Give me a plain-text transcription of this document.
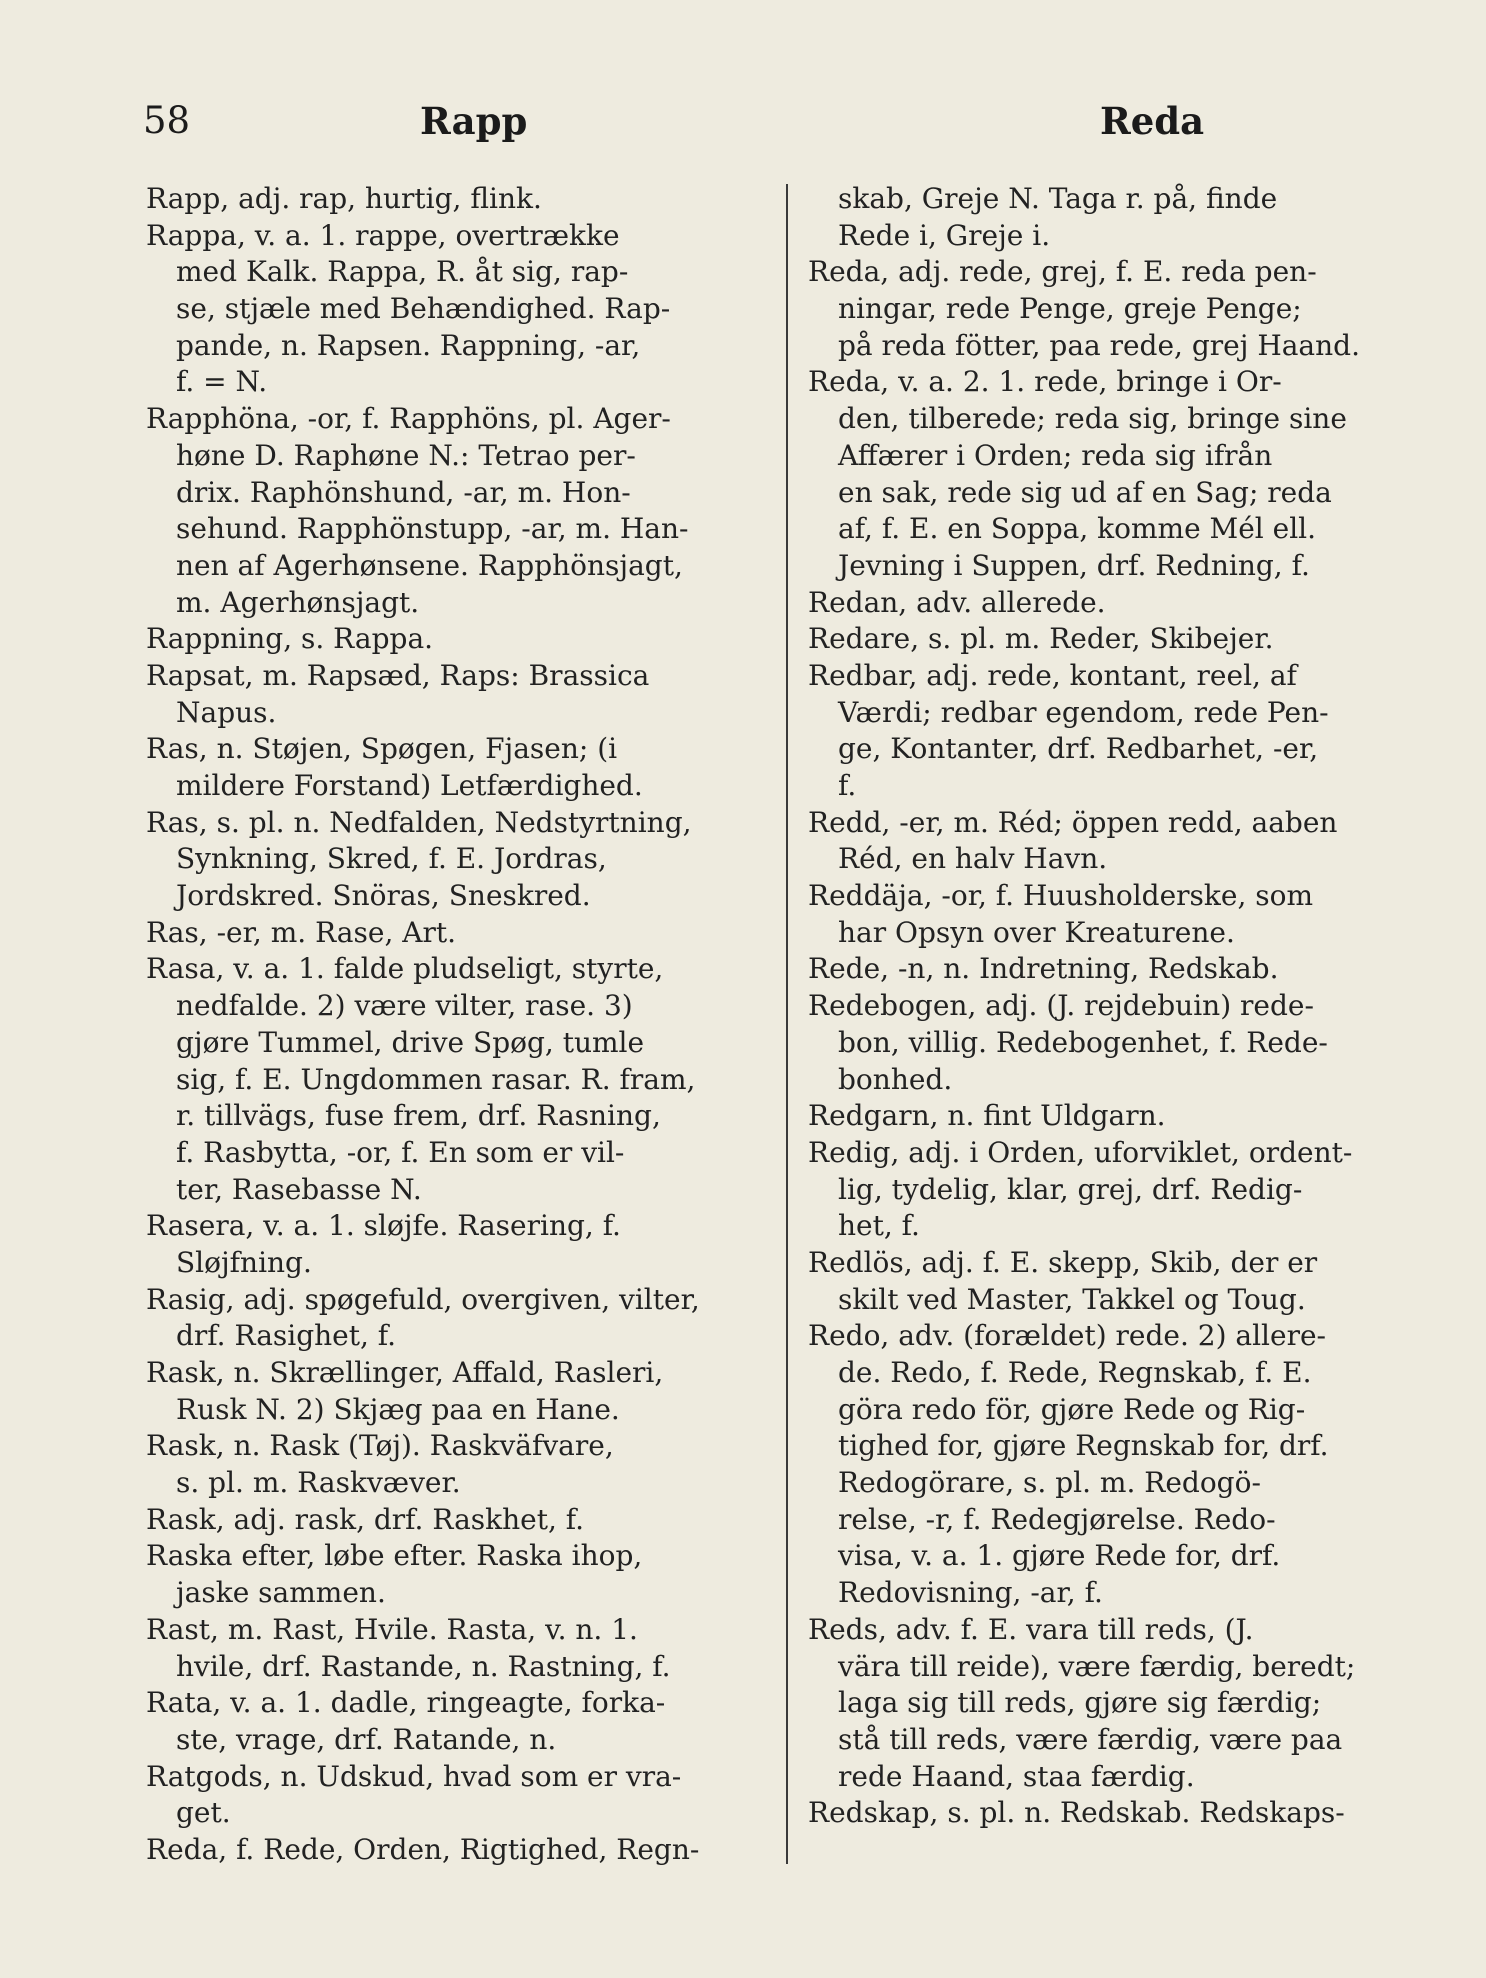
58	Rapp	Reda
Rapp, adj. rap, hurtig, flink.
Rappa, v. a. 1. rappe, overtrække
med Kalk. Rappa, R. åt sig, rap-
se, stjæle med Behændighed. Rap-
pande, n. Rapsen. Rappning, -ar,
f. = N.
Rapphöna, -or, f. Rapphöns, pl. Ager-
høne D. Raphøne N.: Tetrao per-
drix. Raphönshund, -ar, m. Hon-
sehund. Rapphönstupp, -ar, m. Han-
nen af Agerhønsene. Rapphönsjagt,
m. Agerhønsjagt.
Rappning, s. Rappa.
Rapsat, m. Rapsæd, Raps: Brassica
Napus.
Ras, n. Støjen, Spøgen, Fjasen; (i
mildere Forstand) Letfærdighed.
Ras, s. pl. n. Nedfalden, Nedstyrtning,
Synkning, Skred, f. E. Jordras,
Jordskred. Snöras, Sneskred.
Ras, -er, m. Rase, Art.
Rasa, v. a. 1. falde pludseligt, styrte,
nedfalde. 2) være vilter, rase. 3)
gjøre Tummel, drive Spøg, tumle
sig, f. E. Ungdommen rasar. R. fram,
r. tillvägs, fuse frem, drf. Rasning,
f. Rasbytta, -or, f. En som er vil-
ter, Rasebasse N.
Rasera, v. a. 1. sløjfe. Rasering, f.
Sløjfning.
Rasig, adj. spøgefuld, overgiven, vilter,
drf. Rasighet, f.
Rask, n. Skrællinger, Affald, Rasleri,
Rusk N. 2) Skjæg paa en Hane.
Rask, n. Rask (Tøj). Raskväfvare,
s. pl. m. Raskvæver.
Rask, adj. rask, drf. Raskhet, f.
Raska efter, løbe efter. Raska ihop,
jaske sammen.
Rast, m. Rast, Hvile. Rasta, v. n. 1.
hvile, drf. Rastande, n. Rastning, f.
Rata, v. a. 1. dadle, ringeagte, forka-
ste, vrage, drf. Ratande, n.
Ratgods, n. Udskud, hvad som er vra-
get.
Reda, f. Rede, Orden, Rigtighed, Regn-
skab, Greje N. Taga r. på, finde
Rede i, Greje i.
Reda, adj. rede, grej, f. E. reda pen-
ningar, rede Penge, greje Penge;
på reda fötter, paa rede, grej Haand.
Reda, v. a. 2. 1. rede, bringe i Or-
den, tilberede; reda sig, bringe sine
Affærer i Orden; reda sig ifrån
en sak, rede sig ud af en Sag; reda
af, f. E. en Soppa, komme Mél ell.
Jevning i Suppen, drf. Redning, f.
Redan, adv. allerede.
Redare, s. pl. m. Reder, Skibejer.
Redbar, adj. rede, kontant, reel, af
Værdi; redbar egendom, rede Pen-
ge, Kontanter, drf. Redbarhet, -er,
f.
Redd, -er, m. Réd; öppen redd, aaben
Réd, en halv Havn.
Reddäja, -or, f. Huusholderske, som
har Opsyn over Kreaturene.
Rede, -n, n. Indretning, Redskab.
Redebogen, adj. (J. rejdebuin) rede-
bon, villig. Redebogenhet, f. Rede-
bonhed.
Redgarn, n. fint Uldgarn.
Redig, adj. i Orden, uforviklet, ordent-
lig, tydelig, klar, grej, drf. Redig-
het, f.
Redlös, adj. f. E. skepp, Skib, der er
skilt ved Master, Takkel og Toug.
Redo, adv. (forældet) rede. 2) allere-
de. Redo, f. Rede, Regnskab, f. E.
göra redo för, gjøre Rede og Rig-
tighed for, gjøre Regnskab for, drf.
Redogörare, s. pl. m. Redogö-
relse, -r, f. Redegjørelse. Redo-
visa, v. a. 1. gjøre Rede for, drf.
Redovisning, -ar, f.
Reds, adv. f. E. vara till reds, (J.
vära till reide), være færdig, beredt;
laga sig till reds, gjøre sig færdig;
stå till reds, være færdig, være paa
rede Haand, staa færdig.
Redskap, s. pl. n. Redskab. Redskaps-
